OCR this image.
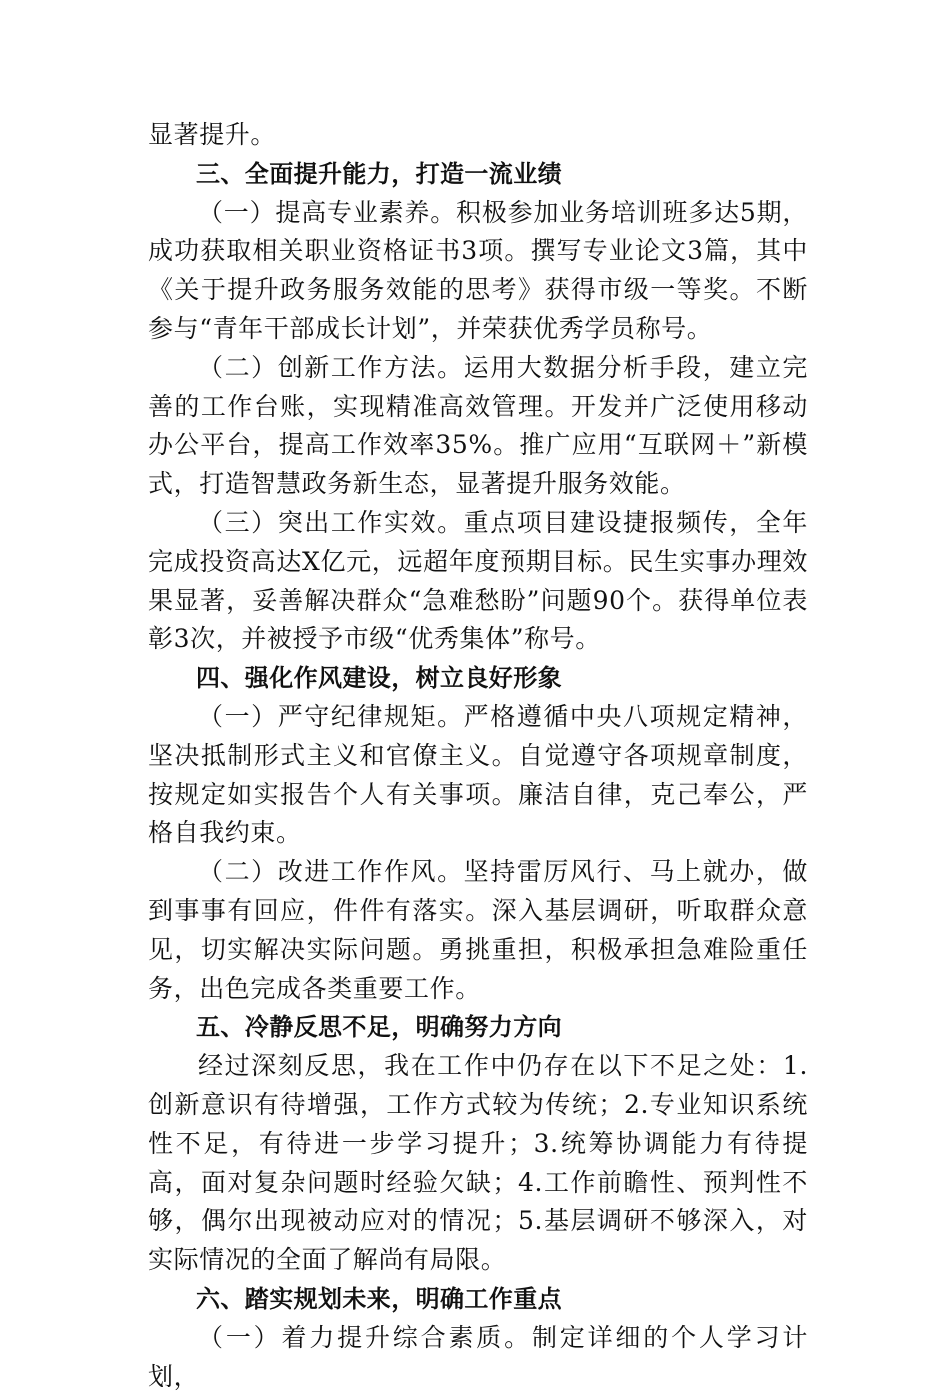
显著提升。

三、全面提升能力，打造一流业绩

（一）提高专业素养。积极参加业务培训班多达5期，成功获取相关职业资格证书3项。撰写专业论文3篇，其中《关于提升政务服务效能的思考》获得市级一等奖。不断参与“青年干部成长计划”，并荣获优秀学员称号。

（二）创新工作方法。运用大数据分析手段，建立完善的工作台账，实现精准高效管理。开发并广泛使用移动办公平台，提高工作效率35%。推广应用“互联网＋”新模式，打造智慧政务新生态，显著提升服务效能。

（三）突出工作实效。重点项目建设捷报频传，全年完成投资高达X亿元，远超年度预期目标。民生实事办理效果显著，妥善解决群众“急难愁盼”问题90个。获得单位表彰3次，并被授予市级“优秀集体”称号。

四、强化作风建设，树立良好形象

（一）严守纪律规矩。严格遵循中央八项规定精神，坚决抵制形式主义和官僚主义。自觉遵守各项规章制度，按规定如实报告个人有关事项。廉洁自律，克己奉公，严格自我约束。

（二）改进工作作风。坚持雷厉风行、马上就办，做到事事有回应，件件有落实。深入基层调研，听取群众意见，切实解决实际问题。勇挑重担，积极承担急难险重任务，出色完成各类重要工作。

五、冷静反思不足，明确努力方向

经过深刻反思，我在工作中仍存在以下不足之处：1.创新意识有待增强，工作方式较为传统；2.专业知识系统性不足，有待进一步学习提升；3.统筹协调能力有待提高，面对复杂问题时经验欠缺；4.工作前瞻性、预判性不够，偶尔出现被动应对的情况；5.基层调研不够深入，对实际情况的全面了解尚有局限。

六、踏实规划未来，明确工作重点

（一）着力提升综合素质。制定详细的个人学习计划，
